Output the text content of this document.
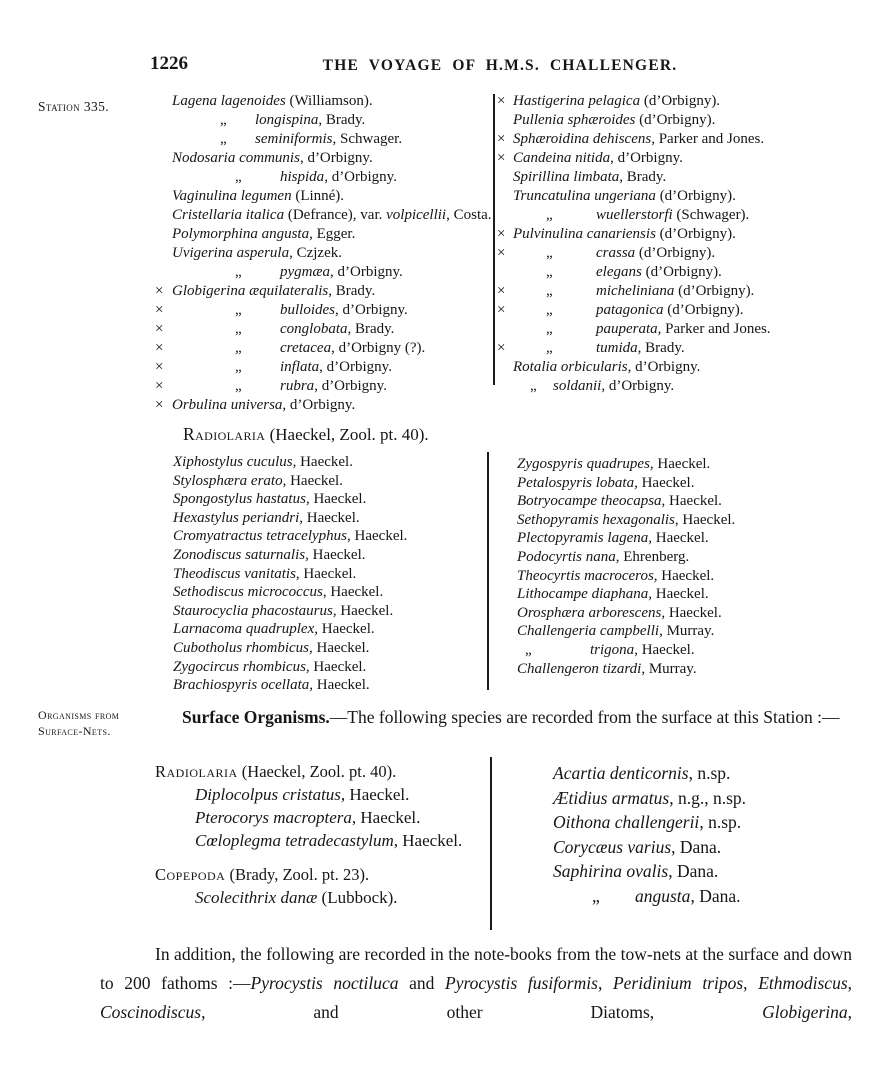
1226	THE VOYAGE OF H.M.S. CHALLENGER.
Station 335.
Organisms from
Surface-Nets.
Lagena lagenoides (Williamson).
„ longispina, Brady.
„ seminiformis, Schwager.
Nodosaria communis, d’Orbigny.
„	hispida, d’Orbigny.
Vaginulina legumen (Linné).
Cristellaria italica (Defrance), var. volpicellii, Costa.
Polymorphina angusta, Egger.
Uvigerina asperula, Czjzek.
„	pygmæa, d’Orbigny.
× Globigerina æquilateralis, Brady.
×	„	bulloides, d’Orbigny.
×	„	conglobata, Brady.
×	„	cretacea, d’Orbigny (?).
×	„	inflata, d’Orbigny.
×	„	rubra, d’Orbigny.
× Orbulina universa, d’Orbigny.
× Hastigerina pelagica (d’Orbigny).
Pullenia sphæroides (d’Orbigny).
× Sphæroidina dehiscens, Parker and Jones.
× Candeina nitida, d’Orbigny.
Spirillina limbata, Brady.
Truncatulina ungeriana (d’Orbigny).
„	wuellerstorfi (Schwager).
× Pulvinulina canariensis (d’Orbigny).
×	„	crassa (d’Orbigny).
„	elegans (d’Orbigny).
×	„	micheliniana (d’Orbigny).
×	„	patagonica (d’Orbigny).
„	pauperata, Parker and Jones.
×	„	tumida, Brady.
Rotalia orbicularis, d’Orbigny.
„ soldanii, d’Orbigny.
Radiolaria (Haeckel, Zool. pt. 40).
Xiphostylus cuculus, Haeckel.
Stylosphæra erato, Haeckel.
Spongostylus hastatus, Haeckel.
Hexastylus periandri, Haeckel.
Cromyatractus tetracelyphus, Haeckel.
Zonodiscus saturnalis, Haeckel.
Theodiscus vanitatis, Haeckel.
Sethodiscus micrococcus, Haeckel.
Staurocyclia phacostaurus, Haeckel.
Larnacoma quadruplex, Haeckel.
Cubotholus rhombicus, Haeckel.
Zygocircus rhombicus, Haeckel.
Brachiospyris ocellata, Haeckel.
Zygospyris quadrupes, Haeckel.
Petalospyris lobata, Haeckel.
Botryocampe theocapsa, Haeckel.
Sethopyramis hexagonalis, Haeckel.
Plectopyramis lagena, Haeckel.
Podocyrtis nana, Ehrenberg.
Theocyrtis macroceros, Haeckel.
Lithocampe diaphana, Haeckel.
Orosphæra arborescens, Haeckel.
Challengeria campbelli, Murray.
„	trigona, Haeckel.
Challengeron tizardi, Murray.
Surface Organisms.—The following species are recorded from the surface at this Station :—
Radiolaria (Haeckel, Zool. pt. 40).
Diplocolpus cristatus, Haeckel.
Pterocorys macroptera, Haeckel.
Cœloplegma tetradecastylum, Haeckel.
Copepoda (Brady, Zool. pt. 23).
Scolecithrix danæ (Lubbock).
Acartia denticornis, n.sp.
Ætidius armatus, n.g., n.sp.
Oithona challengerii, n.sp.
Corycæus varius, Dana.
Saphirina ovalis, Dana.
„ angusta, Dana.
In addition, the following are recorded in the note-books from the tow-nets at the surface and down to 200 fathoms :—Pyrocystis noctiluca and Pyrocystis fusiformis, Peridinium tripos, Ethmodiscus, Coscinodiscus, and other Diatoms, Globigerina,
